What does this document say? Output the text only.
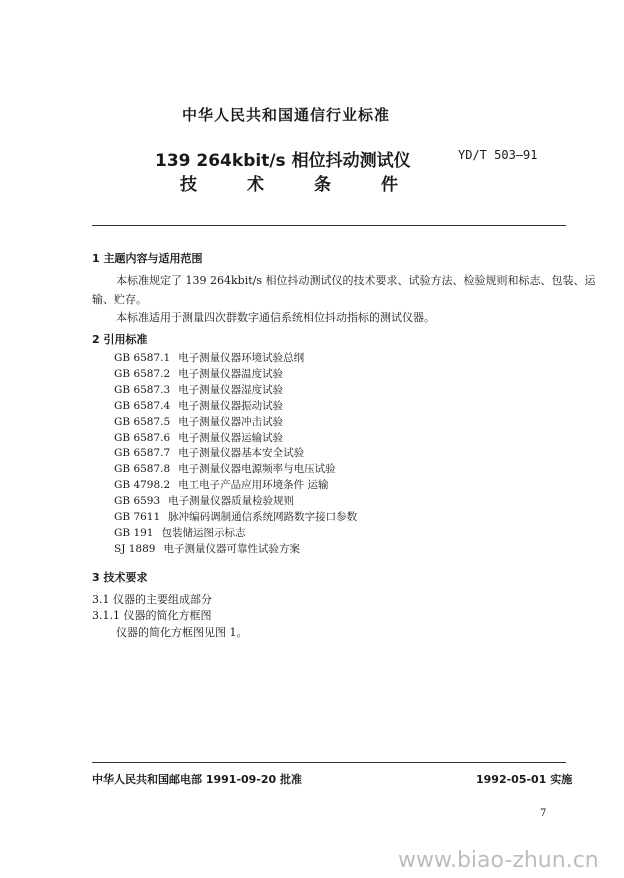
中华人民共和国通信行业标准
139 264kbit/s 相位抖动测试仪
技	术	条	件
YD/T 503—91
1 主题内容与适用范围
本标准规定了 139 264kbit/s 相位抖动测试仪的技术要求、试验方法、检验规则和标志、包装、运
输、贮存。
本标准适用于测量四次群数字通信系统相位抖动指标的测试仪器。
2 引用标准
GB 6587.1 电子测量仪器环境试验总纲
GB 6587.2 电子测量仪器温度试验
GB 6587.3 电子测量仪器湿度试验
GB 6587.4 电子测量仪器振动试验
GB 6587.5 电子测量仪器冲击试验
GB 6587.6 电子测量仪器运输试验
GB 6587.7 电子测量仪器基本安全试验
GB 6587.8 电子测量仪器电源频率与电压试验
GB 4798.2 电工电子产品应用环境条件 运输
GB 6593 电子测量仪器质量检验规则
GB 7611 脉冲编码调制通信系统网路数字接口参数
GB 191 包装储运图示标志
SJ 1889 电子测量仪器可靠性试验方案
3 技术要求
3.1 仪器的主要组成部分
3.1.1 仪器的简化方框图
仪器的简化方框图见图 1。
中华人民共和国邮电部 1991-09-20 批准	1992-05-01 实施
7
www.biao-zhun.cn
